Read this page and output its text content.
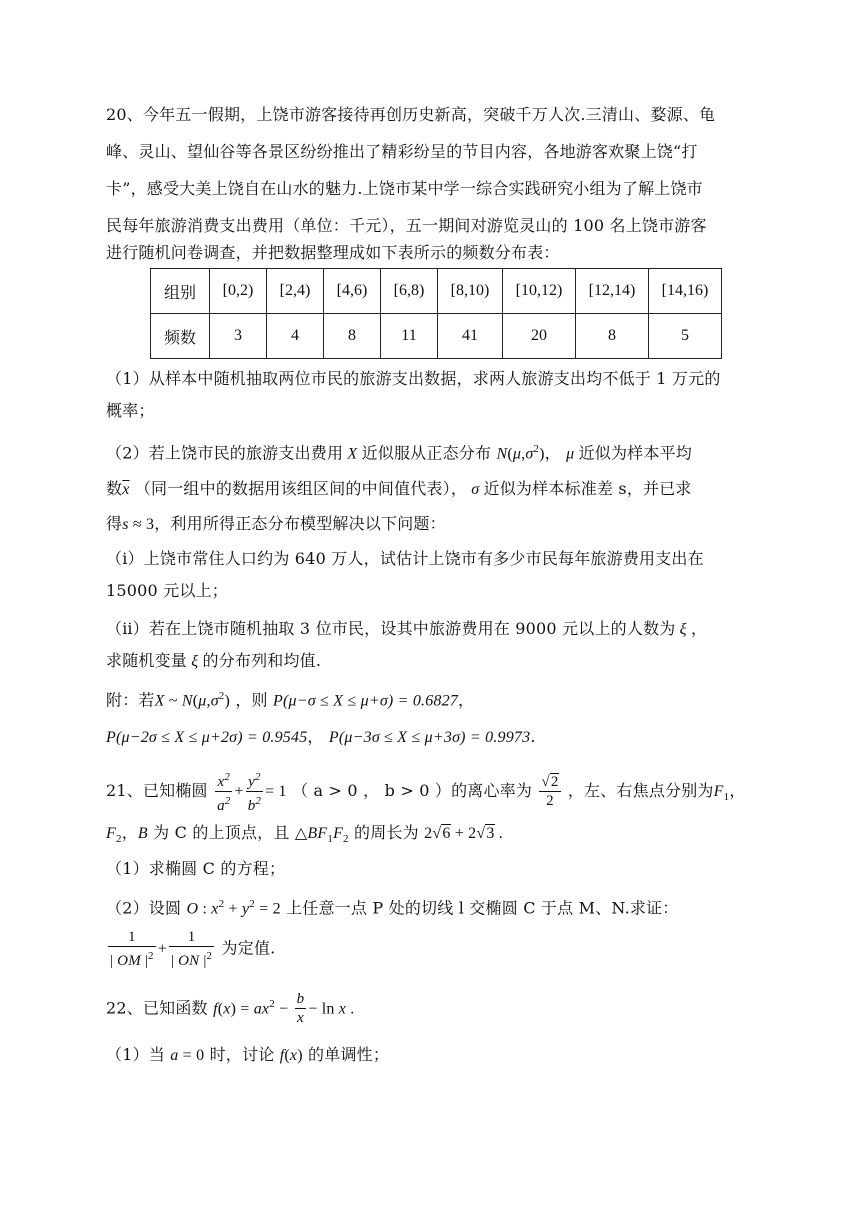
20、今年五一假期，上饶市游客接待再创历史新高，突破千万人次.三清山、婺源、龟
峰、灵山、望仙谷等各景区纷纷推出了精彩纷呈的节目内容，各地游客欢聚上饶“打
卡”，感受大美上饶自在山水的魅力.上饶市某中学一综合实践研究小组为了解上饶市
民每年旅游消费支出费用（单位：千元），五一期间对游览灵山的 100 名上饶市游客
进行随机问卷调查，并把数据整理成如下表所示的频数分布表：
组别	[0,2)	[2,4)	[4,6)	[6,8)	[8,10)	[10,12)	[12,14)	[14,16)
频数	3	4	8	11	41	20	8	5
（1）从样本中随机抽取两位市民的旅游支出数据，求两人旅游支出均不低于 1 万元的
概率；
（2）若上饶市民的旅游支出费用 X 近似服从正态分布 $N(\mu,\sigma^2)$， μ 近似为样本平均
数$\overline{x}$ （同一组中的数据用该组区间的中间值代表）， σ 近似为样本标准差 s，并已求
得s ≈ 3，利用所得正态分布模型解决以下问题：
（ⅰ）上饶市常住人口约为 640 万人，试估计上饶市有多少市民每年旅游费用支出在
15000 元以上；
（ⅱ）若在上饶市随机抽取 3 位市民，设其中旅游费用在 9000 元以上的人数为 ξ ，
求随机变量 ξ 的分布列和均值.
附：若X ~ $N(\mu,\sigma^2)$ ，则 P(μ−σ ≤ X ≤ μ+σ) = 0.6827，
P(μ−2σ ≤ X ≤ μ+2σ) = 0.9545， P(μ−3σ ≤ X ≤ μ+3σ) = 0.9973.
21、已知椭圆 $\frac{x^2}{a^2} + \frac{y^2}{b^2} = 1$ （ a > 0 ， b > 0 ）的离心率为 $\frac{√2}{2}$ ，左、右焦点分别为$F_1$，
$F_2$，B 为 C 的上顶点，且 $\triangle BF_1F_2$ 的周长为 2√6 + 2√3 .
（1）求椭圆 C 的方程；
（2）设圆 O : $x^2 + y^2 = 2$ 上任意一点 P 处的切线 l 交椭圆 C 于点 M、N.求证：
$\frac{1}{| OM |^2} + \frac{1}{| ON |^2}$ 为定值.
22、已知函数 $f(x) = ax^2 - \frac{b}{x} - \ln x$ .
（1）当 a = 0 时，讨论 f(x) 的单调性；
